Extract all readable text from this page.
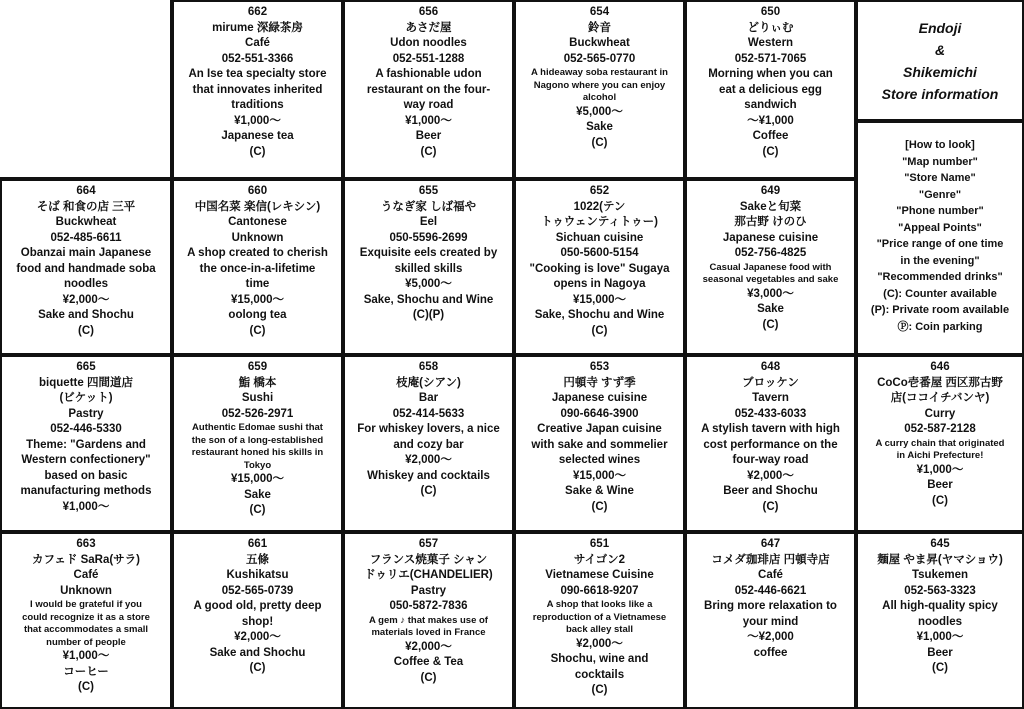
Endoji
&
Shikemichi
Store information
[How to look]
"Map number"
"Store Name"
"Genre"
"Phone number"
"Appeal Points"
"Price range of one time
in the evening"
"Recommended drinks"
(C): Counter available
(P): Private room available
Ⓟ: Coin parking
662
mirume 深緑茶房
Café
052-551-3366
An Ise tea specialty store
that innovates inherited
traditions
¥1,000～
Japanese tea
(C)
656
あさだ屋
Udon noodles
052-551-1288
A fashionable udon
restaurant on the four-
way road
¥1,000～
Beer
(C)
654
鈴音
Buckwheat
052-565-0770
A hideaway soba restaurant in
Nagono where you can enjoy
alcohol
¥5,000～
Sake
(C)
650
どりぃむ
Western
052-571-7065
Morning when you can
eat a delicious egg
sandwich
～¥1,000
Coffee
(C)
664
そば 和食の店 三平
Buckwheat
052-485-6611
Obanzai main Japanese
food and handmade soba
noodles
¥2,000～
Sake and Shochu
(C)
660
中国名菜 楽信(レキシン)
Cantonese
Unknown
A shop created to cherish
the once-in-a-lifetime
time
¥15,000～
oolong tea
(C)
655
うなぎ家 しば福や
Eel
050-5596-2699
Exquisite eels created by
skilled skills
¥5,000～
Sake, Shochu and Wine
(C)(P)
652
1022(テン
トゥウェンティトゥー)
Sichuan cuisine
050-5600-5154
"Cooking is love" Sugaya
opens in Nagoya
¥15,000～
Sake, Shochu and Wine
(C)
649
Sakeと旬菜
那古野 けのひ
Japanese cuisine
052-756-4825
Casual Japanese food with
seasonal vegetables and sake
¥3,000～
Sake
(C)
665
biquette 四間道店
(ビケット)
Pastry
052-446-5330
Theme: "Gardens and
Western confectionery"
based on basic
manufacturing methods
¥1,000～
659
鮨 橋本
Sushi
052-526-2971
Authentic Edomae sushi that
the son of a long-established
restaurant honed his skills in
Tokyo
¥15,000～
Sake
(C)
658
枝庵(シアン)
Bar
052-414-5633
For whiskey lovers, a nice
and cozy bar
¥2,000～
Whiskey and cocktails
(C)
653
円頓寺 すず季
Japanese cuisine
090-6646-3900
Creative Japan cuisine
with sake and sommelier
selected wines
¥15,000～
Sake & Wine
(C)
648
ブロッケン
Tavern
052-433-6033
A stylish tavern with high
cost performance on the
four-way road
¥2,000～
Beer and Shochu
(C)
646
CoCo壱番屋 西区那古野
店(ココイチバンヤ)
Curry
052-587-2128
A curry chain that originated
in Aichi Prefecture!
¥1,000～
Beer
(C)
663
カフェド SaRa(サラ)
Café
Unknown
I would be grateful if you
could recognize it as a store
that accommodates a small
number of people
¥1,000～
コーヒー
(C)
661
五條
Kushikatsu
052-565-0739
A good old, pretty deep
shop!
¥2,000～
Sake and Shochu
(C)
657
フランス焼菓子 シャン
ドゥリエ(CHANDELIER)
Pastry
050-5872-7836
A gem ♪ that makes use of
materials loved in France
¥2,000～
Coffee & Tea
(C)
651
サイゴン2
Vietnamese Cuisine
090-6618-9207
A shop that looks like a
reproduction of a Vietnamese
back alley stall
¥2,000～
Shochu, wine and
cocktails
(C)
647
コメダ珈琲店 円頓寺店
Café
052-446-6621
Bring more relaxation to
your mind
～¥2,000
coffee
645
麺屋 やま昇(ヤマショウ)
Tsukemen
052-563-3323
All high-quality spicy
noodles
¥1,000～
Beer
(C)
